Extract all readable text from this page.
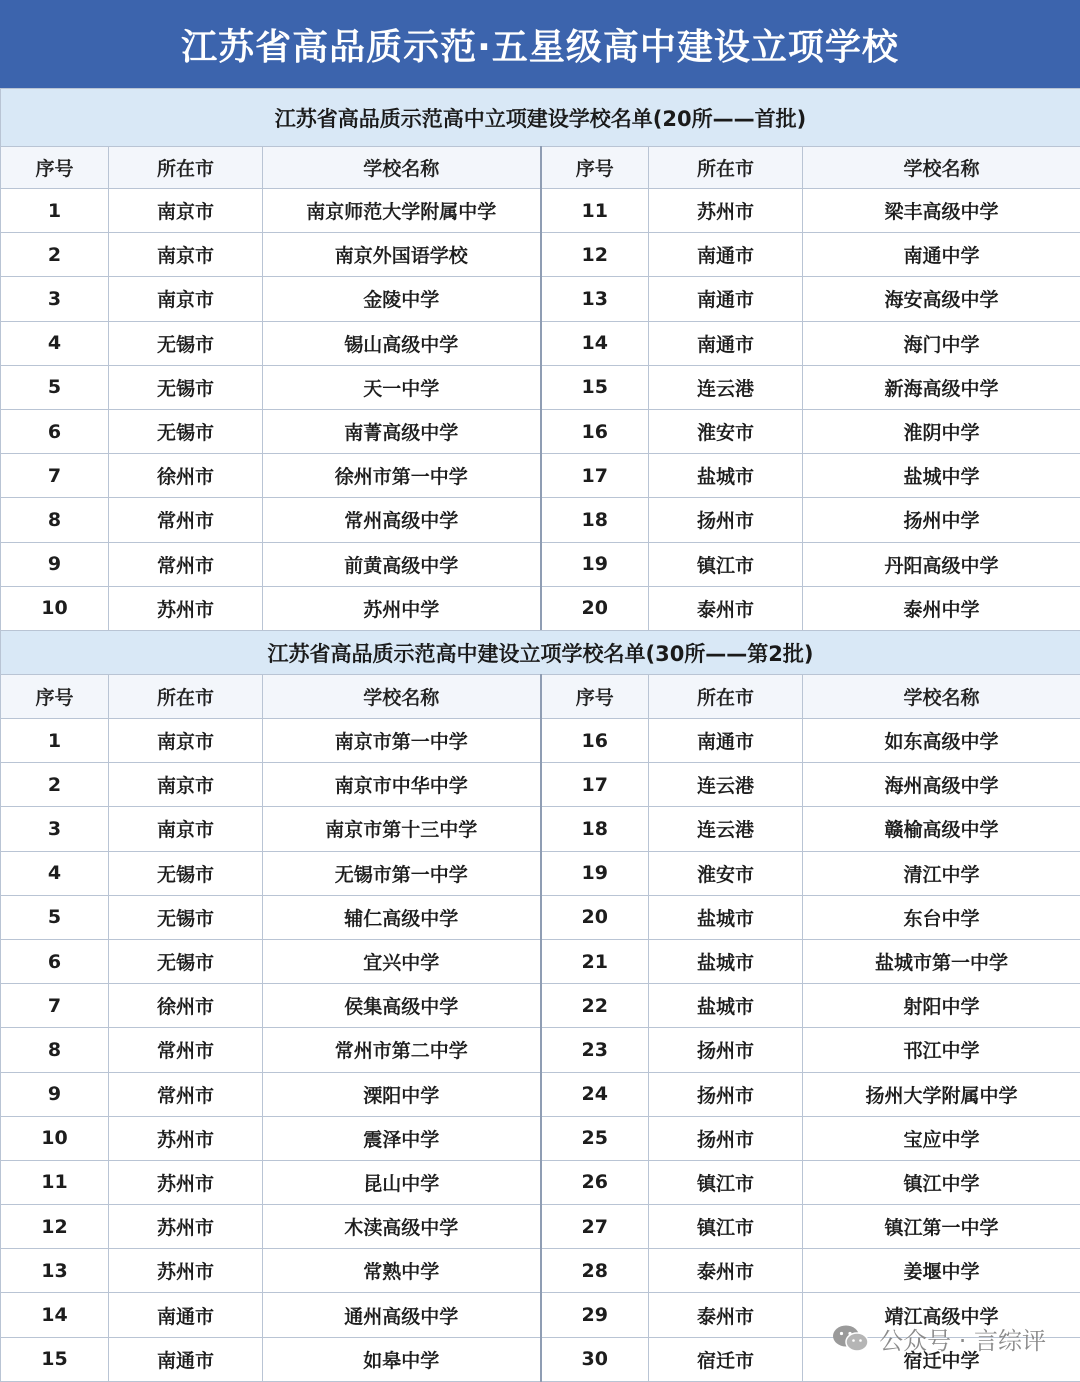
江苏省高品质示范·五星级高中建设立项学校
江苏省高品质示范高中立项建设学校名单(20所——首批)					
序号	所在市	学校名称	序号	所在市	学校名称
1	南京市	南京师范大学附属中学	11	苏州市	梁丰高级中学
2	南京市	南京外国语学校	12	南通市	南通中学
3	南京市	金陵中学	13	南通市	海安高级中学
4	无锡市	锡山高级中学	14	南通市	海门中学
5	无锡市	天一中学	15	连云港	新海高级中学
6	无锡市	南菁高级中学	16	淮安市	淮阴中学
7	徐州市	徐州市第一中学	17	盐城市	盐城中学
8	常州市	常州高级中学	18	扬州市	扬州中学
9	常州市	前黄高级中学	19	镇江市	丹阳高级中学
10	苏州市	苏州中学	20	泰州市	泰州中学
江苏省高品质示范高中建设立项学校名单(30所——第2批)					
序号	所在市	学校名称	序号	所在市	学校名称
1	南京市	南京市第一中学	16	南通市	如东高级中学
2	南京市	南京市中华中学	17	连云港	海州高级中学
3	南京市	南京市第十三中学	18	连云港	赣榆高级中学
4	无锡市	无锡市第一中学	19	淮安市	清江中学
5	无锡市	辅仁高级中学	20	盐城市	东台中学
6	无锡市	宜兴中学	21	盐城市	盐城市第一中学
7	徐州市	侯集高级中学	22	盐城市	射阳中学
8	常州市	常州市第二中学	23	扬州市	邗江中学
9	常州市	溧阳中学	24	扬州市	扬州大学附属中学
10	苏州市	震泽中学	25	扬州市	宝应中学
11	苏州市	昆山中学	26	镇江市	镇江中学
12	苏州市	木渎高级中学	27	镇江市	镇江第一中学
13	苏州市	常熟中学	28	泰州市	姜堰中学
14	南通市	通州高级中学	29	泰州市	靖江高级中学
15	南通市	如皋中学	30	宿迁市	宿迁中学
公众号 · 言综评
